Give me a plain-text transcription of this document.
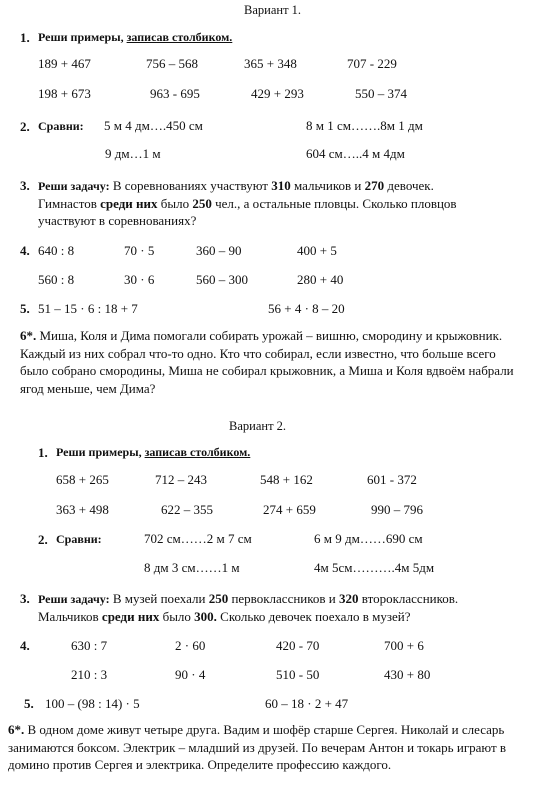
Вариант 1.
1. Реши примеры, записав столбиком.
189 + 467	756 – 568	365 + 348	707 - 229
198 + 673	963 - 695	429 + 293	550 – 374
2. Сравни: 5 м 4 дм….450 см	8 м 1 см…….8м 1 дм
9 дм…1 м	604 см…..4 м 4дм
3. Реши задачу: В соревнованиях участвуют 310 мальчиков и 270 девочек.
Гимнастов среди них было 250 чел., а остальные пловцы. Сколько пловцов
участвуют в соревнованиях?
4. 640 : 8	70 · 5	360 – 90	400 + 5
560 : 8	30 · 6	560 – 300	280 + 40
5. 51 – 15 · 6 : 18 + 7	56 + 4 · 8 – 20
6*. Миша, Коля и Дима помогали собирать урожай – вишню, смородину и крыжовник. Каждый из них собрал что-то одно. Кто что собирал, если известно, что больше всего было собрано смородины, Миша не собирал крыжовник, а Миша и Коля вдвоём набрали ягод меньше, чем Дима?
Вариант 2.
1. Реши примеры, записав столбиком.
658 + 265	712 – 243	548 + 162	601 - 372
363 + 498	622 – 355	274 + 659	990 – 796
2. Сравни:	702 см……2 м 7 см	6 м 9 дм……690 см
8 дм 3 см……1 м	4м 5см……….4м 5дм
3. Реши задачу: В музей поехали 250 первоклассников и 320 второклассников.
Мальчиков среди них было 300. Сколько девочек поехало в музей?
4.	630 : 7	2 · 60	420 - 70	700 + 6
210 : 3	90 · 4	510 - 50	430 + 80
5. 100 – (98 : 14) · 5	60 – 18 · 2 + 47
6*. В одном доме живут четыре друга. Вадим и шофёр старше Сергея. Николай и слесарь занимаются боксом. Электрик – младший из друзей. По вечерам Антон и токарь играют в домино против Сергея и электрика. Определите профессию каждого.
